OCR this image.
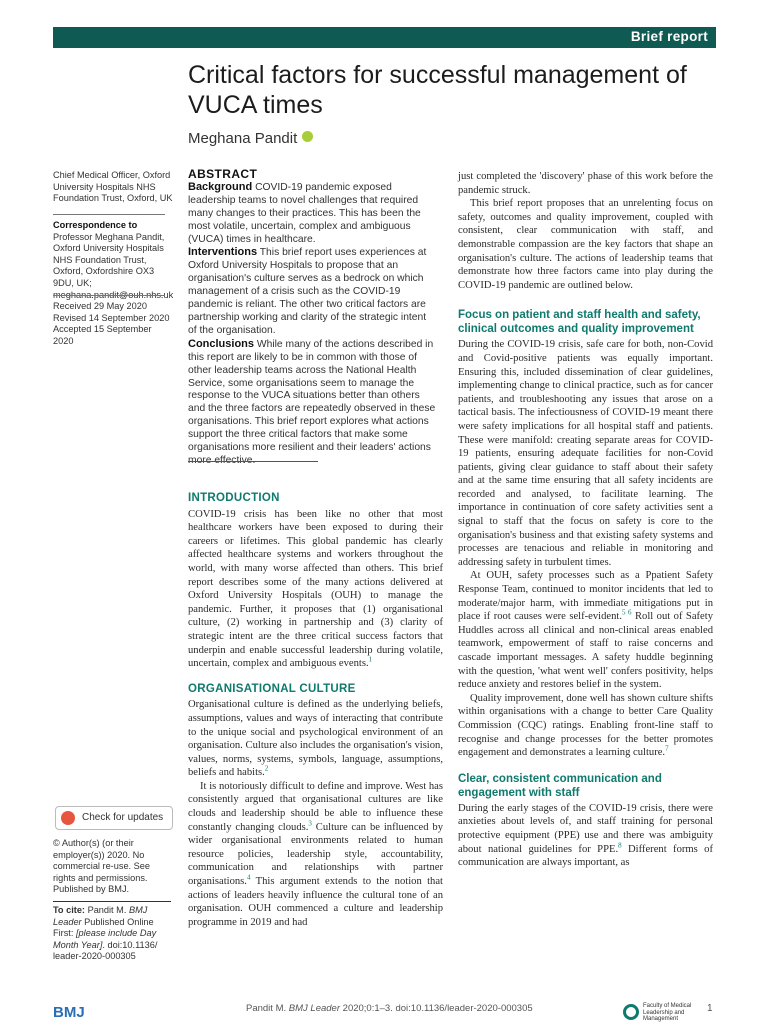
Brief report
Critical factors for successful management of VUCA times
Meghana Pandit
Chief Medical Officer, Oxford University Hospitals NHS Foundation Trust, Oxford, UK
Correspondence to
Professor Meghana Pandit, Oxford University Hospitals NHS Foundation Trust, Oxford, Oxfordshire OX3 9DU, UK; meghana.pandit@ouh.nhs.uk
Received 29 May 2020
Revised 14 September 2020
Accepted 15 September 2020
Check for updates
© Author(s) (or their employer(s)) 2020. No commercial re-use. See rights and permissions. Published by BMJ.
To cite: Pandit M. BMJ Leader Published Online First: [please include Day Month Year]. doi:10.1136/ leader-2020-000305
ABSTRACT

Background COVID-19 pandemic exposed leadership teams to novel challenges that required many changes to their practices. This has been the most volatile, uncertain, complex and ambiguous (VUCA) times in healthcare.

Interventions This brief report uses experiences at Oxford University Hospitals to propose that an organisation's culture serves as a bedrock on which management of a crisis such as the COVID-19 pandemic is reliant. The other two critical factors are partnership working and clarity of the strategic intent of the organisation.

Conclusions While many of the actions described in this report are likely to be in common with those of other leadership teams across the National Health Service, some organisations seem to manage the response to the VUCA situations better than others and the three factors are repeatedly observed in these organisations. This brief report explores what actions support the three critical factors that make some organisations more resilient and their leaders' actions more effective.

INTRODUCTION

COVID-19 crisis has been like no other that most healthcare workers have been exposed to during their careers or lifetimes. This global pandemic has clearly affected healthcare systems and workers throughout the world, with many worse affected than others. This brief report describes some of the many actions delivered at Oxford University Hospitals (OUH) to manage the pandemic. Further, it proposes that (1) organisational culture, (2) working in partnership and (3) clarity of strategic intent are the three critical success factors that underpin and enable successful leadership during volatile, uncertain, complex and ambiguous events.$^1$

ORGANISATIONAL CULTURE

Organisational culture is defined as the underlying beliefs, assumptions, values and ways of interacting that contribute to the unique social and psychological environment of an organisation. Culture also includes the organisation's vision, values, norms, systems, symbols, language, assumptions, beliefs and habits.$^2$

It is notoriously difficult to define and improve. West has consistently argued that organisational cultures are like clouds and leadership should be able to influence these constantly changing clouds.$^3$ Culture can be influenced by wider organisational environments related to human resource policies, leadership style, accountability, communication and relationships with partner organisations.$^4$ This argument extends to the notion that actions of leaders heavily influence the cultural tone of an organisation. OUH commenced a culture and leadership programme in 2019 and had

just completed the 'discovery' phase of this work before the pandemic struck.

This brief report proposes that an unrelenting focus on safety, outcomes and quality improvement, coupled with consistent, clear communication with staff, and demonstrable compassion are the key factors that shape an organisation's culture. The actions of leadership teams that demonstrate how three factors came into play during the COVID-19 pandemic are outlined below.

Focus on patient and staff health and safety, clinical outcomes and quality improvement

During the COVID-19 crisis, safe care for both, non-Covid and Covid-positive patients was equally important. Ensuring this, included dissemination of clear guidelines, implementing change to clinical practice, such as for cancer patients, and troubleshooting any issues that arose on a tactical basis. The infectiousness of COVID-19 meant there were safety implications for all hospital staff and patients. These were manifold: creating separate areas for COVID-19 patients, ensuring adequate facilities for non-Covid patients, giving clear guidance to staff about their safety and at the same time ensuring that all safety incidents are recorded and analysed, to facilitate learning. The importance in continuation of core safety activities sent a signal to staff that the focus on safety is core to the organisation's business and that existing safety systems and processes are tenacious and reliable in monitoring and addressing safety in turbulent times.

At OUH, safety processes such as a Ppatient Safety Response Team, continued to monitor incidents that led to moderate/major harm, with immediate mitigations put in place if root causes were self-evident.$^{5 6}$ Roll out of Safety Huddles across all clinical and non-clinical areas enabled teamwork, empowerment of staff to raise concerns and cascade important messages. A safety huddle beginning with the question, 'what went well' confers positivity, helps reduce anxiety and restores belief in the system.

Quality improvement, done well has shown culture shifts within organisations with a change to better Care Quality Commission (CQC) ratings. Enabling front-line staff to recognise and change processes for the better promotes engagement and demonstrates a learning culture.$^7$

Clear, consistent communication and engagement with staff

During the early stages of the COVID-19 crisis, there were anxieties about levels of, and staff training for personal protective equipment (PPE) use and there was ambiguity about national guidelines for PPE.$^8$ Different forms of communication are always important, as

BMJ	Pandit M. BMJ Leader 2020;0:1–3. doi:10.1136/leader-2020-000305	Faculty of Medical Leadership and Management
1
